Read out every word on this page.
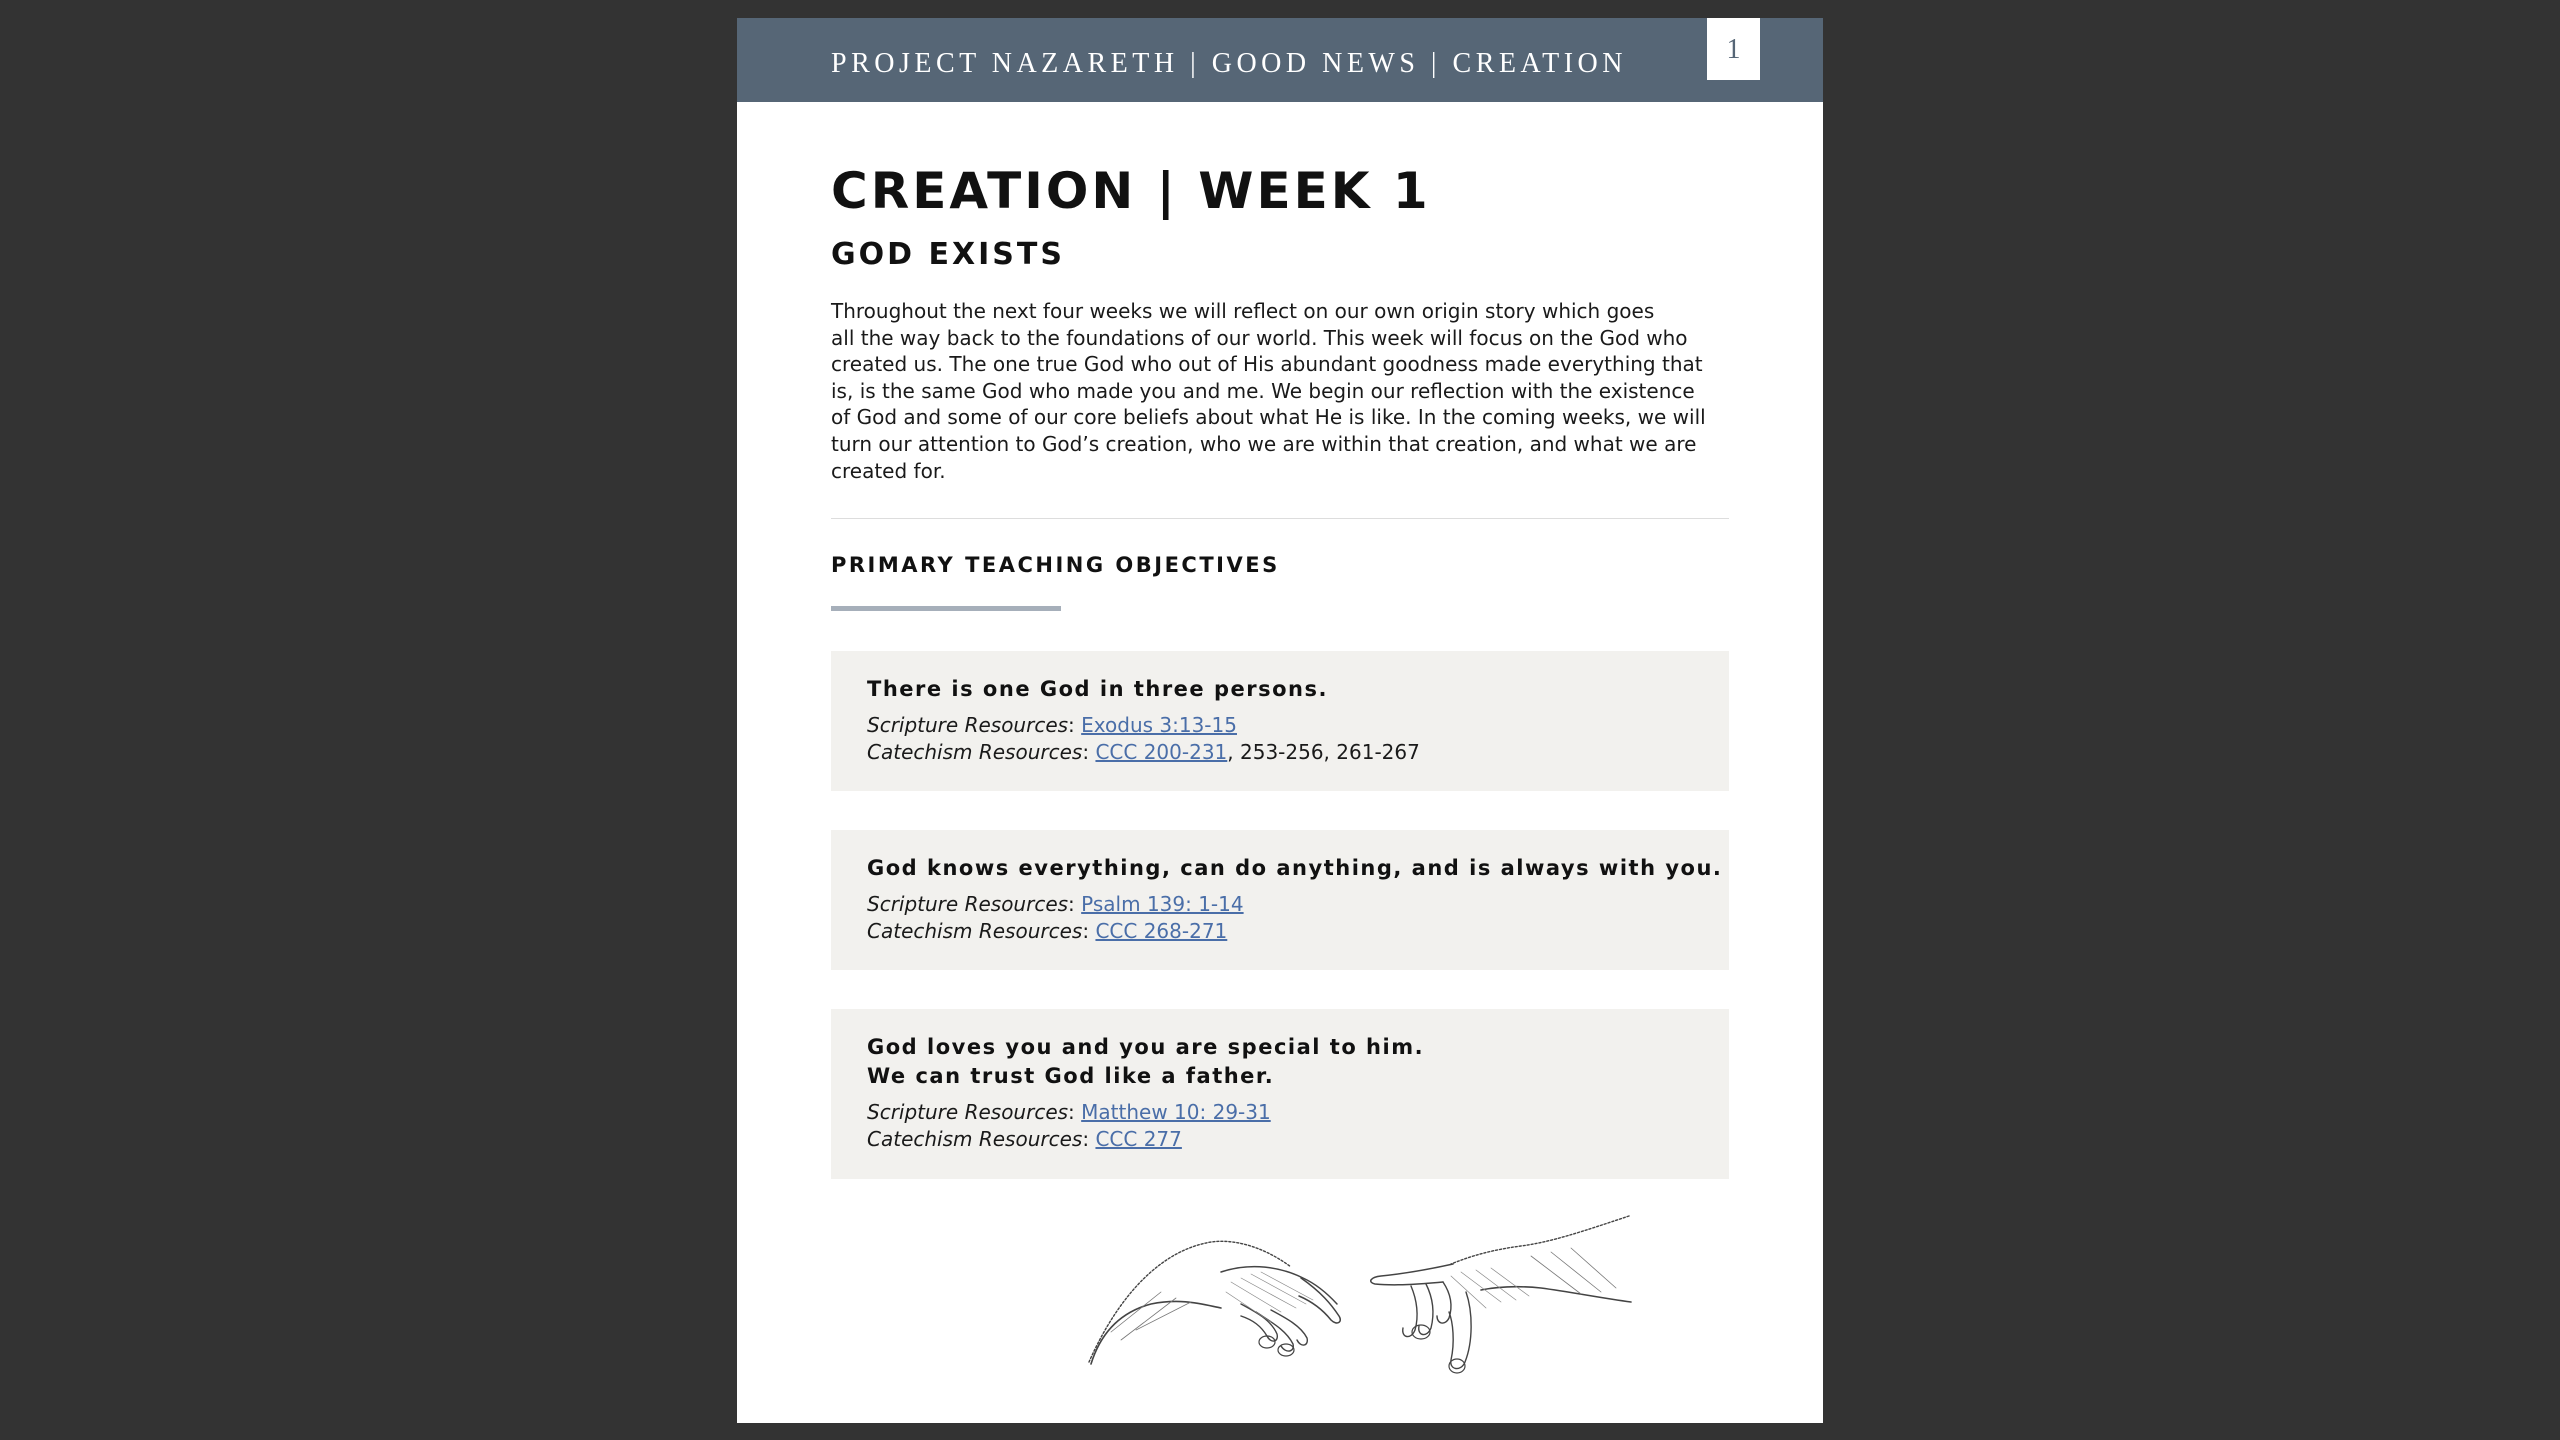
PROJECT NAZARETH | GOOD NEWS | CREATION	1
CREATION | WEEK 1
GOD EXISTS

Throughout the next four weeks we will reflect on our own origin story which goes
all the way back to the foundations of our world. This week will focus on the God who
created us. The one true God who out of His abundant goodness made everything that
is, is the same God who made you and me. We begin our reflection with the existence
of God and some of our core beliefs about what He is like. In the coming weeks, we will
turn our attention to God’s creation, who we are within that creation, and what we are
created for.

PRIMARY TEACHING OBJECTIVES
There is one God in three persons.
Scripture Resources: Exodus 3:13-15
Catechism Resources: CCC 200-231, 253-256, 261-267
God knows everything, can do anything, and is always with you.
Scripture Resources: Psalm 139: 1-14
Catechism Resources: CCC 268-271
God loves you and you are special to him.
We can trust God like a father.
Scripture Resources: Matthew 10: 29-31
Catechism Resources: CCC 277
